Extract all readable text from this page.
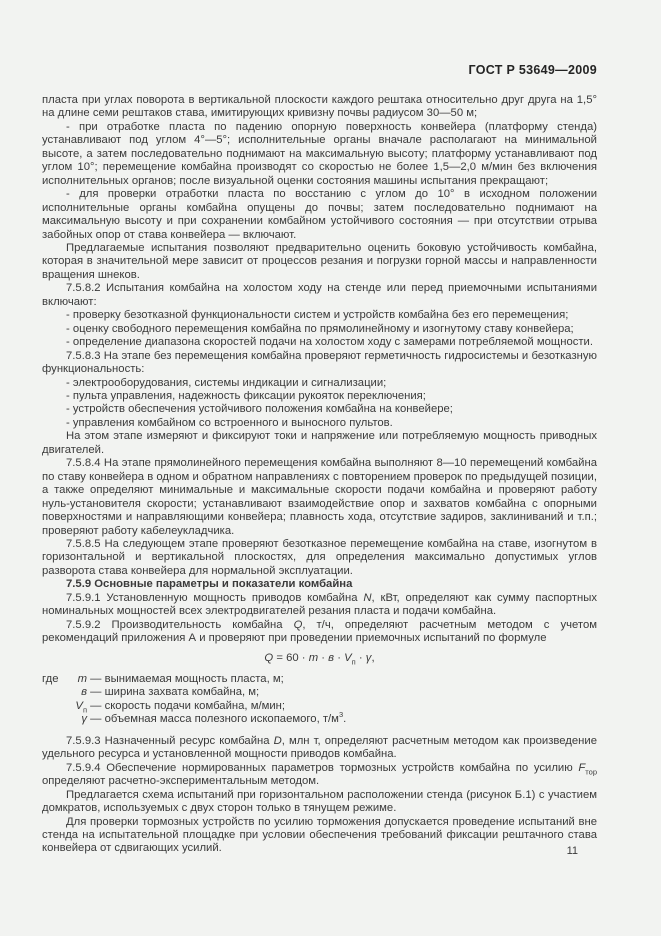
ГОСТ Р 53649—2009
пласта при углах поворота в вертикальной плоскости каждого рештака относительно друг друга на 1,5° на длине семи рештаков става, имитирующих кривизну почвы радиусом 30—50 м;
- при отработке пласта по падению опорную поверхность конвейера (платформу стенда) устанавливают под углом 4°—5°; исполнительные органы вначале располагают на минимальной высоте, а затем последовательно поднимают на максимальную высоту; платформу устанавливают под углом 10°; перемещение комбайна производят со скоростью не более 1,5—2,0 м/мин без включения исполнительных органов; после визуальной оценки состояния машины испытания прекращают;
- для проверки отработки пласта по восстанию с углом до 10° в исходном положении исполнительные органы комбайна опущены до почвы; затем последовательно поднимают на максимальную высоту и при сохранении комбайном устойчивого состояния — при отсутствии отрыва забойных опор от става конвейера — включают.
Предлагаемые испытания позволяют предварительно оценить боковую устойчивость комбайна, которая в значительной мере зависит от процессов резания и погрузки горной массы и направленности вращения шнеков.
7.5.8.2 Испытания комбайна на холостом ходу на стенде или перед приемочными испытаниями включают:
- проверку безотказной функциональности систем и устройств комбайна без его перемещения;
- оценку свободного перемещения комбайна по прямолинейному и изогнутому ставу конвейера;
- определение диапазона скоростей подачи на холостом ходу с замерами потребляемой мощности.
7.5.8.3 На этапе без перемещения комбайна проверяют герметичность гидросистемы и безотказную функциональность:
- электрооборудования, системы индикации и сигнализации;
- пульта управления, надежность фиксации рукояток переключения;
- устройств обеспечения устойчивого положения комбайна на конвейере;
- управления комбайном со встроенного и выносного пультов.
На этом этапе измеряют и фиксируют токи и напряжение или потребляемую мощность приводных двигателей.
7.5.8.4 На этапе прямолинейного перемещения комбайна выполняют 8—10 перемещений комбайна по ставу конвейера в одном и обратном направлениях с повторением проверок по предыдущей позиции, а также определяют минимальные и максимальные скорости подачи комбайна и проверяют работу нуль-установителя скорости; устанавливают взаимодействие опор и захватов комбайна с опорными поверхностями и направляющими конвейера; плавность хода, отсутствие задиров, заклиниваний и т.п.; проверяют работу кабелеукладчика.
7.5.8.5 На следующем этапе проверяют безотказное перемещение комбайна на ставе, изогнутом в горизонтальной и вертикальной плоскостях, для определения максимально допустимых углов разворота става конвейера для нормальной эксплуатации.
7.5.9 Основные параметры и показатели комбайна
7.5.9.1 Установленную мощность приводов комбайна N, кВт, определяют как сумму паспортных номинальных мощностей всех электродвигателей резания пласта и подачи комбайна.
7.5.9.2 Производительность комбайна Q, т/ч, определяют расчетным методом с учетом рекомендаций приложения А и проверяют при проведении приемочных испытаний по формуле
$Q = 60 \cdot m \cdot в \cdot V_п \cdot \gamma$,
где	m — вынимаемая мощность пласта, м;
в — ширина захвата комбайна, м;
$V_п$ — скорость подачи комбайна, м/мин;
γ — объемная масса полезного ископаемого, $т/м^3$.
7.5.9.3 Назначенный ресурс комбайна D, млн т, определяют расчетным методом как произведение удельного ресурса и установленной мощности приводов комбайна.
7.5.9.4 Обеспечение нормированных параметров тормозных устройств комбайна по усилию $F_{тор}$ определяют расчетно-экспериментальным методом.
Предлагается схема испытаний при горизонтальном расположении стенда (рисунок Б.1) с участием домкратов, используемых с двух сторон только в тянущем режиме.
Для проверки тормозных устройств по усилию торможения допускается проведение испытаний вне стенда на испытательной площадке при условии обеспечения требований фиксации рештачного става конвейера от сдвигающих усилий.	11
